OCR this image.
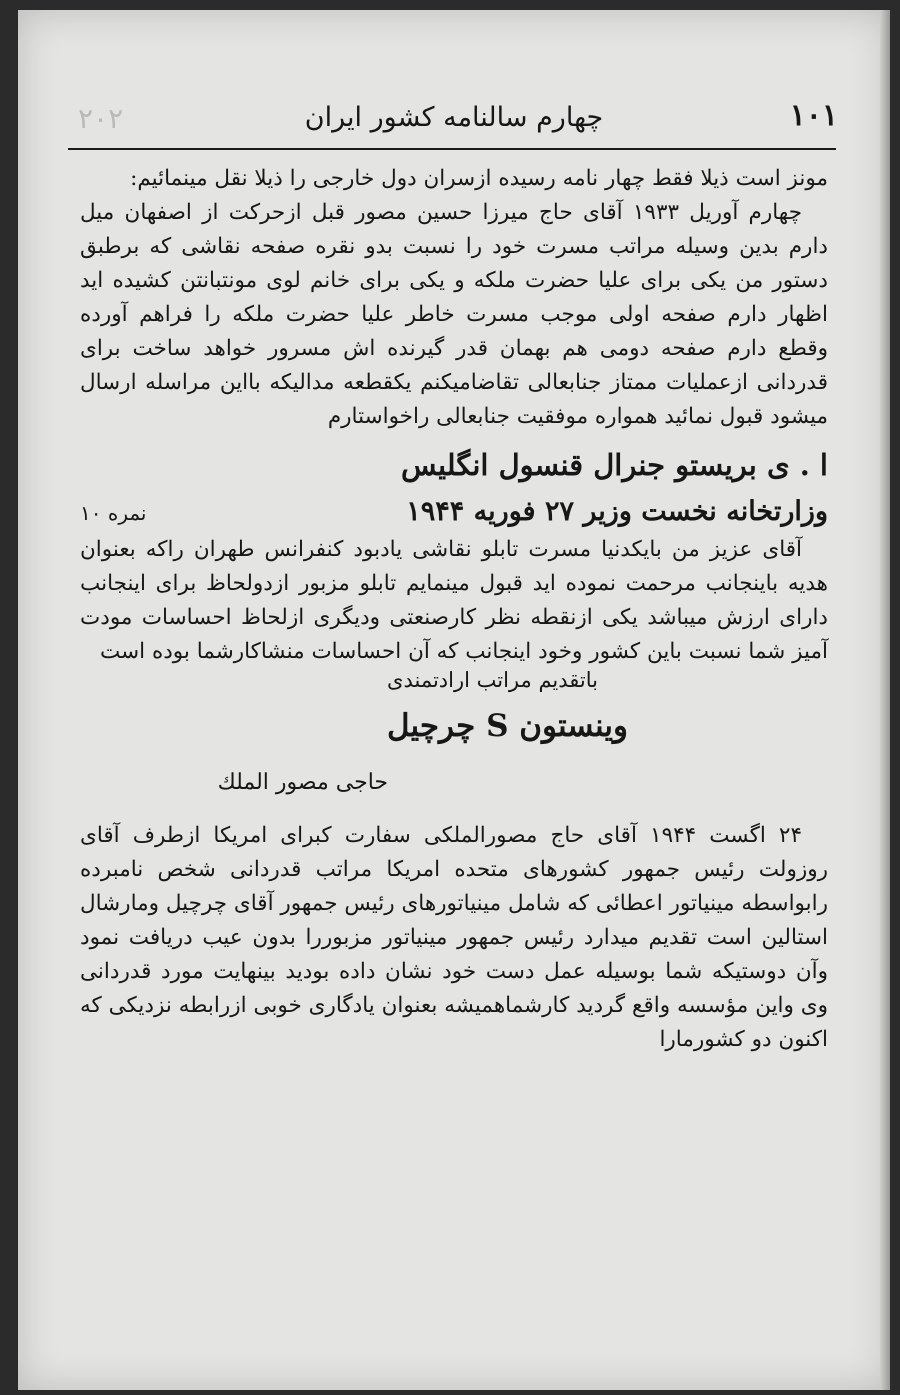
۱۰۱
چهارم سالنامه کشور ایران
۲۰۲

مونز است ذیلا فقط چهار نامه رسیده ازسران دول خارجی را ذیلا نقل مینمائیم:

چهارم آوریل ۱۹۳۳ آقای حاج میرزا حسین مصور قبل ازحرکت از اصفهان میل دارم بدین وسیله مراتب مسرت خود را نسبت بدو نقره صفحه نقاشی که برطبق دستور من یکی برای علیا حضرت ملکه و یکی برای خانم لوی مونتبانتن کشیده اید اظهار دارم صفحه اولی موجب مسرت خاطر علیا حضرت ملکه را فراهم آورده وقطع دارم صفحه دومی هم بهمان قدر گیرنده اش مسرور خواهد ساخت برای قدردانی ازعملیات ممتاز جنابعالی تقاضامیکنم یکقطعه مدالیکه بااین مراسله ارسال میشود قبول نمائید همواره موفقیت جنابعالی راخواستارم

ا . ی بریستو جنرال قنسول انگلیس

وزارتخانه نخست وزیر ۲۷ فوریه ۱۹۴۴
نمره ۱۰

آقای عزیز من بایکدنیا مسرت تابلو نقاشی یادبود کنفرانس طهران راکه بعنوان هدیه باینجانب مرحمت نموده اید قبول مینمایم تابلو مزبور ازدولحاظ برای اینجانب دارای ارزش میباشد یکی ازنقطه نظر کارصنعتی ودیگری ازلحاظ احساسات مودت آمیز شما نسبت باین کشور وخود اینجانب که آن احساسات منشاکارشما بوده است

باتقدیم مراتب ارادتمندی

وینستون S چرچیل

حاجی مصور الملك

۲۴ اگست ۱۹۴۴ آقای حاج مصورالملکی سفارت کبرای امریکا ازطرف آقای روزولت رئیس جمهور کشورهای متحده امریکا مراتب قدردانی شخص نامبرده رابواسطه مینیاتور اعطائی که شامل مینیاتورهای رئیس جمهور آقای چرچیل ومارشال استالین است تقدیم میدارد رئیس جمهور مینیاتور مزبوررا بدون عیب دریافت نمود وآن دوستیکه شما بوسیله عمل دست خود نشان داده بودید بینهایت مورد قدردانی وی واین مؤسسه واقع گردید کارشماهمیشه بعنوان یادگاری خوبی ازرابطه نزدیکی که اکنون دو کشورمارا
